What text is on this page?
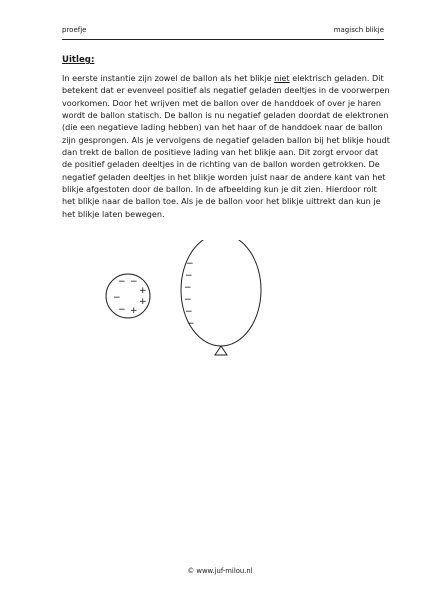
proefje	magisch blikje
Uitleg:
In eerste instantie zijn zowel de ballon als het blikje niet elektrisch geladen. Dit betekent dat er evenveel positief als negatief geladen deeltjes in de voorwerpen voorkomen. Door het wrijven met de ballon over de handdoek of over je haren wordt de ballon statisch. De ballon is nu negatief geladen doordat de elektronen (die een negatieve lading hebben) van het haar of de handdoek naar de ballon zijn gesprongen. Als je vervolgens de negatief geladen ballon bij het blikje houdt dan trekt de ballon de positieve lading van het blikje aan. Dit zorgt ervoor dat de positief geladen deeltjes in de richting van de ballon worden getrokken. De negatief geladen deeltjes in het blikje worden juist naar de andere kant van het blikje afgestoten door de ballon. In de afbeelding kun je dit zien. Hierdoor rolt het blikje naar de ballon toe. Als je de ballon voor het blikje uittrekt dan kun je het blikje laten bewegen.
− −
+
− +
− +
−
−
−
−
−
−
© www.juf-milou.nl
